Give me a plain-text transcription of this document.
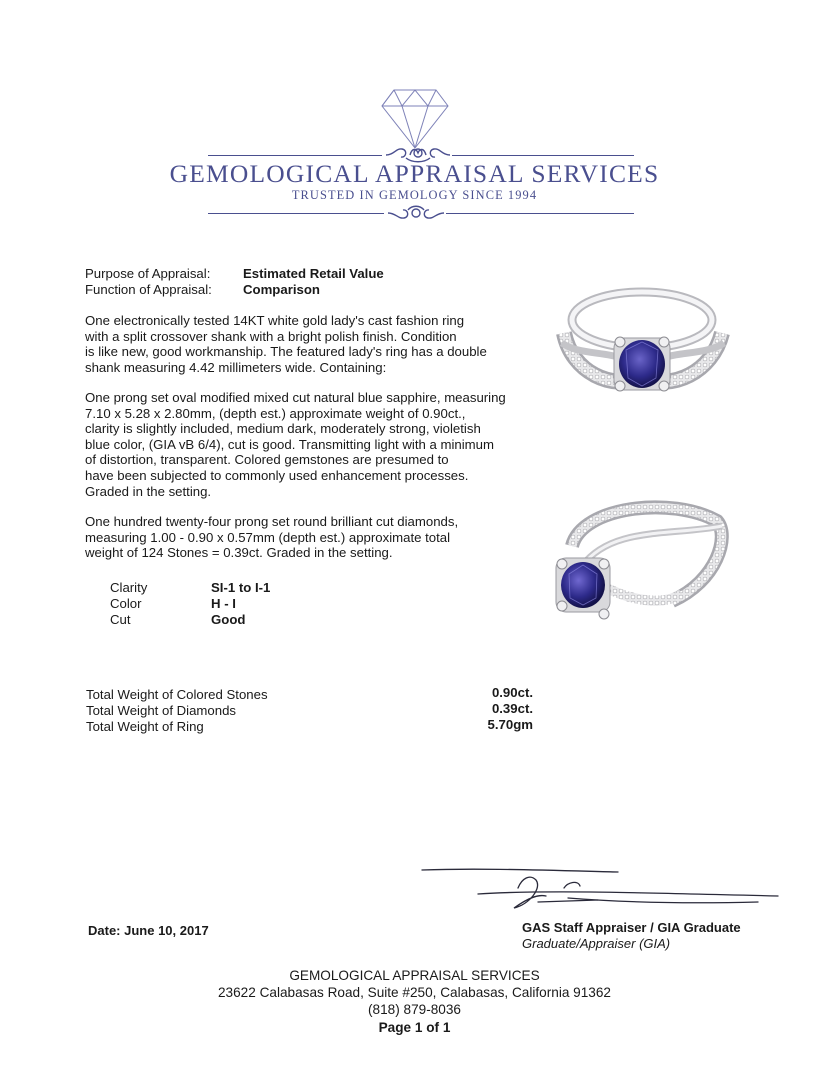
GEMOLOGICAL APPRAISAL SERVICES
TRUSTED IN GEMOLOGY SINCE 1994
Purpose of Appraisal: Estimated Retail Value
Function of Appraisal: Comparison
One electronically tested 14KT white gold lady's cast fashion ring
with a split crossover shank with a bright polish finish. Condition
is like new, good workmanship. The featured lady's ring has a double
shank measuring 4.42 millimeters wide. Containing:
One prong set oval modified mixed cut natural blue sapphire, measuring
7.10 x 5.28 x 2.80mm, (depth est.) approximate weight of 0.90ct.,
clarity is slightly included, medium dark, moderately strong, violetish
blue color, (GIA vB 6/4), cut is good. Transmitting light with a minimum
of distortion, transparent. Colored gemstones are presumed to
have been subjected to commonly used enhancement processes.
Graded in the setting.
One hundred twenty-four prong set round brilliant cut diamonds,
measuring 1.00 - 0.90 x 0.57mm (depth est.) approximate total
weight of 124 Stones = 0.39ct. Graded in the setting.
Clarity	SI-1 to I-1
Color	H - I
Cut	Good
Total Weight of Colored Stones	0.90ct.
Total Weight of Diamonds	0.39ct.
Total Weight of Ring	5.70gm
Date: June 10, 2017	GAS Staff Appraiser / GIA Graduate
Graduate/Appraiser (GIA)
GEMOLOGICAL APPRAISAL SERVICES
23622 Calabasas Road, Suite #250, Calabasas, California 91362
(818) 879-8036
Page 1 of 1
